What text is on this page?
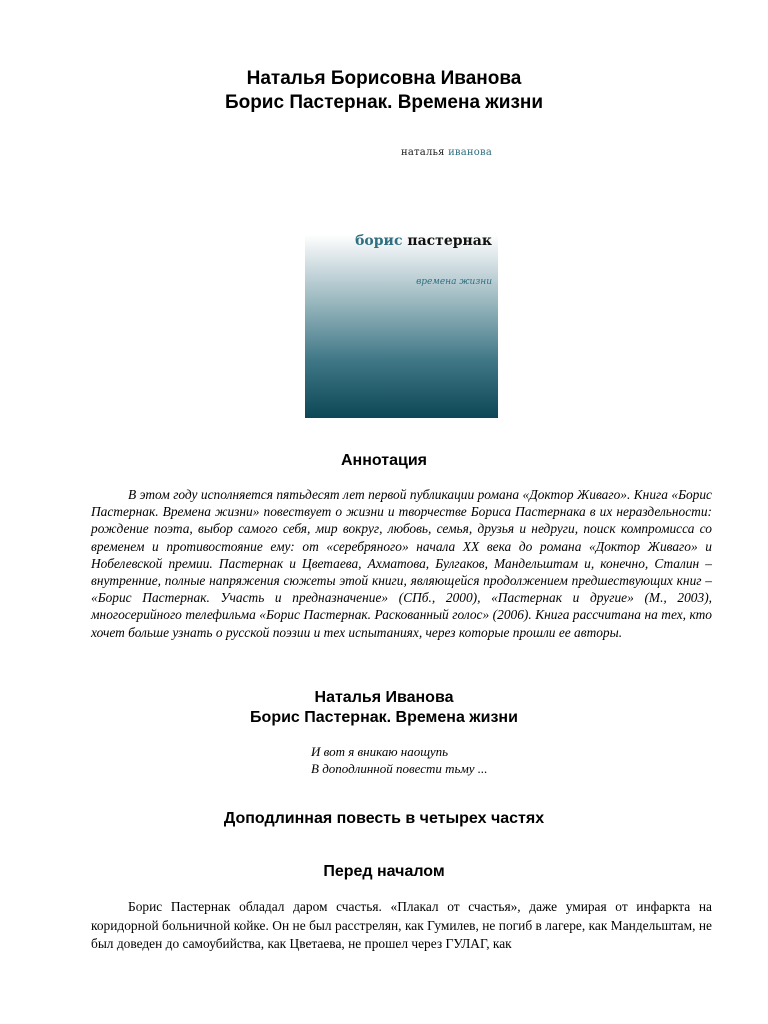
Наталья Борисовна Иванова
Борис Пастернак. Времена жизни
наталья иванова
борис пастернак
времена жизни
Аннотация

В этом году исполняется пятьдесят лет первой публикации романа «Доктор Живаго». Книга «Борис Пастернак. Времена жизни» повествует о жизни и творчестве Бориса Пастернака в их нераздельности: рождение поэта, выбор самого себя, мир вокруг, любовь, семья, друзья и недруги, поиск компромисса со временем и противостояние ему: от «серебряного» начала XX века до романа «Доктор Живаго» и Нобелевской премии. Пастернак и Цветаева, Ахматова, Булгаков, Мандельштам и, конечно, Сталин – внутренние, полные напряжения сюжеты этой книги, являющейся продолжением предшествующих книг – «Борис Пастернак. Участь и предназначение» (СПб., 2000), «Пастернак и другие» (М., 2003), многосерийного телефильма «Борис Пастернак. Раскованный голос» (2006). Книга рассчитана на тех, кто хочет больше узнать о русской поэзии и тех испытаниях, через которые прошли ее авторы.

Наталья Иванова
Борис Пастернак. Времена жизни
И вот я вникаю наощупь
В доподлинной повести тьму ...
Доподлинная повесть в четырех частях
Перед началом

Борис Пастернак обладал даром счастья. «Плакал от счастья», даже умирая от инфаркта на коридорной больничной койке. Он не был расстрелян, как Гумилев, не погиб в лагере, как Мандельштам, не был доведен до самоубийства, как Цветаева, не прошел через ГУЛАГ, как
